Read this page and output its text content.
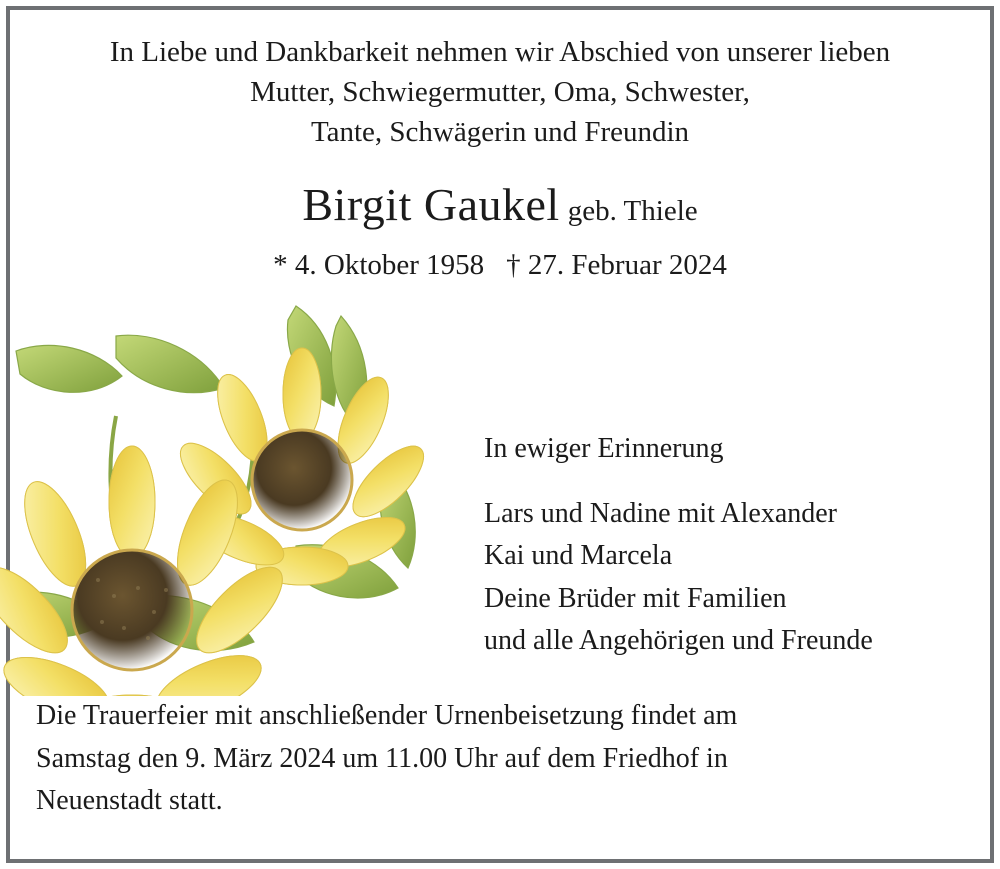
In Liebe und Dankbarkeit nehmen wir Abschied von unserer lieben
Mutter, Schwiegermutter, Oma, Schwester,
Tante, Schwägerin und Freundin
Birgit Gaukel geb. Thiele
* 4. Oktober 1958 † 27. Februar 2024
In ewiger Erinnerung
Lars und Nadine mit Alexander
Kai und Marcela
Deine Brüder mit Familien
und alle Angehörigen und Freunde
Die Trauerfeier mit anschließender Urnenbeisetzung findet am
Samstag den 9. März 2024 um 11.00 Uhr auf dem Friedhof in
Neuenstadt statt.
